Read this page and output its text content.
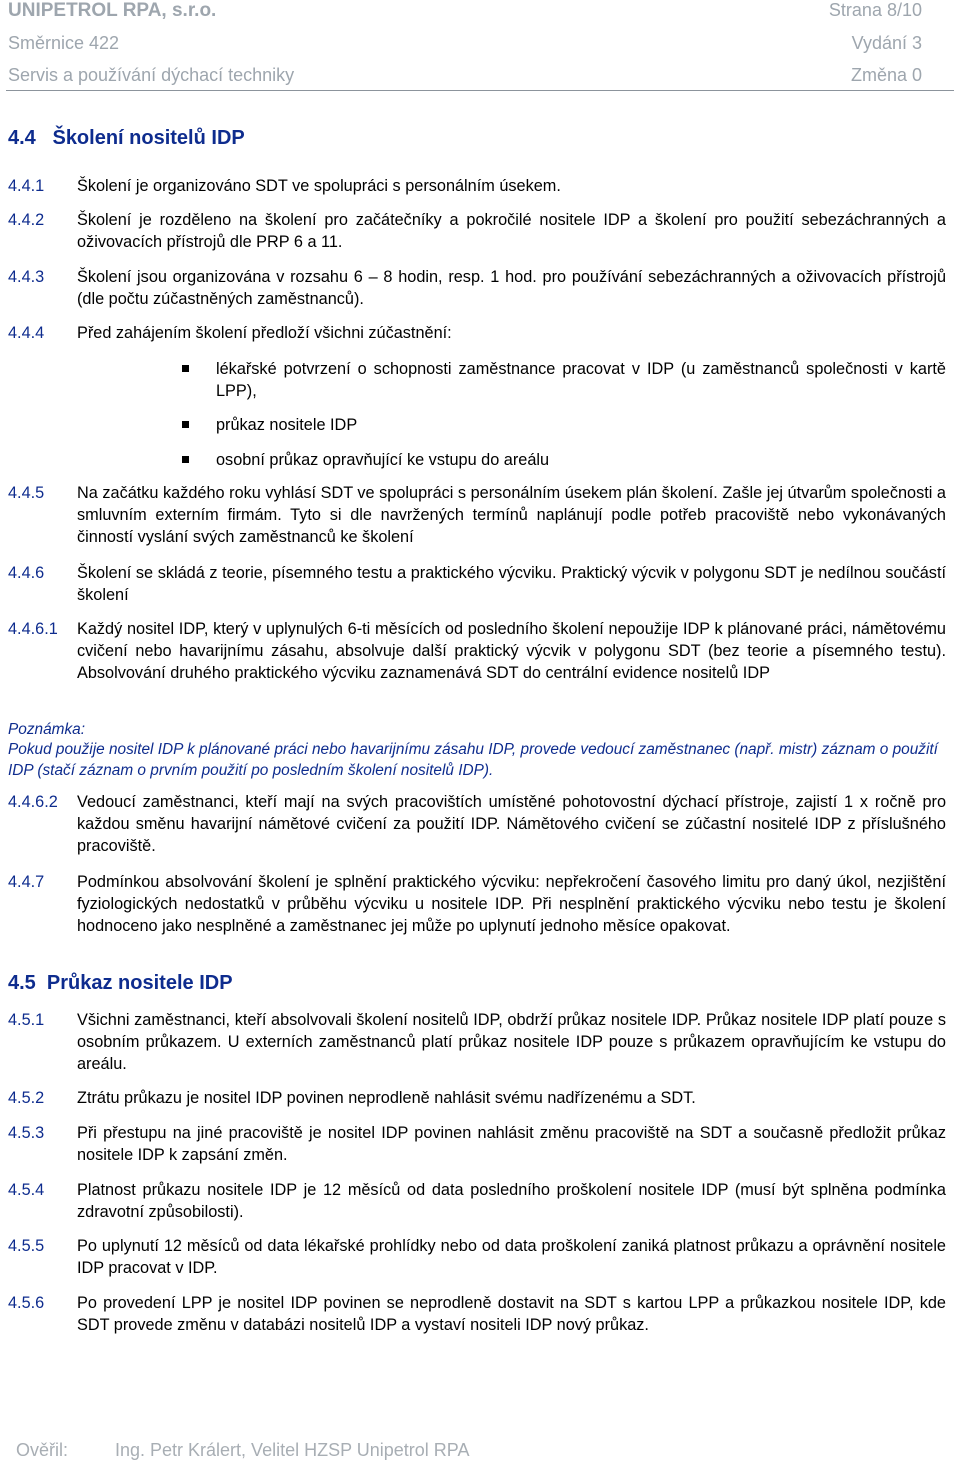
UNIPETROL RPA, s.r.o.	Strana 8/10
Směrnice 422	Vydání 3
Servis a používání dýchací techniky	Změna 0
4.4   Školení nositelů IDP
4.4.1 Školení je organizováno SDT ve spolupráci s personálním úsekem.
4.4.2 Školení je rozděleno na školení pro začátečníky a pokročilé nositele IDP a školení pro použití sebezáchranných a oživovacích přístrojů dle PRP 6 a 11.
4.4.3 Školení jsou organizována v rozsahu 6 – 8 hodin, resp. 1 hod. pro používání sebezáchranných a oživovacích přístrojů (dle počtu zúčastněných zaměstnanců).
4.4.4 Před zahájením školení předloží všichni zúčastnění:
lékařské potvrzení o schopnosti zaměstnance pracovat v IDP (u zaměstnanců společnosti v kartě LPP),
průkaz nositele IDP
osobní průkaz opravňující ke vstupu do areálu
4.4.5 Na začátku každého roku vyhlásí SDT ve spolupráci s personálním úsekem plán školení. Zašle jej útvarům společnosti a smluvním externím firmám. Tyto si dle navržených termínů naplánují podle potřeb pracoviště nebo vykonávaných činností vyslání svých zaměstnanců ke školení
4.4.6 Školení se skládá z teorie, písemného testu a praktického výcviku. Praktický výcvik v polygonu SDT je nedílnou součástí školení
4.4.6.1 Každý nositel IDP, který v uplynulých 6-ti měsících od posledního školení nepoužije IDP k plánované práci, námětovému cvičení nebo havarijnímu zásahu, absolvuje další praktický výcvik v polygonu SDT (bez teorie a písemného testu). Absolvování druhého praktického výcviku zaznamenává SDT do centrální evidence nositelů IDP
Poznámka:
Pokud použije nositel IDP k plánované práci nebo havarijnímu zásahu IDP, provede vedoucí zaměstnanec (např. mistr) záznam o použití IDP (stačí záznam o prvním použití po posledním školení nositelů IDP).
4.4.6.2 Vedoucí zaměstnanci, kteří mají na svých pracovištích umístěné pohotovostní dýchací přístroje, zajistí 1 x ročně pro každou směnu havarijní námětové cvičení za použití IDP. Námětového cvičení se zúčastní nositelé IDP z příslušného pracoviště.
4.4.7 Podmínkou absolvování školení je splnění praktického výcviku: nepřekročení časového limitu pro daný úkol, nezjištění fyziologických nedostatků v průběhu výcviku u nositele IDP. Při nesplnění praktického výcviku nebo testu je školení hodnoceno jako nesplněné a zaměstnanec jej může po uplynutí jednoho měsíce opakovat.
4.5  Průkaz nositele IDP
4.5.1 Všichni zaměstnanci, kteří absolvovali školení nositelů IDP, obdrží průkaz nositele IDP. Průkaz nositele IDP platí pouze s osobním průkazem. U externích zaměstnanců platí průkaz nositele IDP pouze s průkazem opravňujícím ke vstupu do areálu.
4.5.2 Ztrátu průkazu je nositel IDP povinen neprodleně nahlásit svému nadřízenému a SDT.
4.5.3 Při přestupu na jiné pracoviště je nositel IDP povinen nahlásit změnu pracoviště na SDT a současně předložit průkaz nositele IDP k zapsání změn.
4.5.4 Platnost průkazu nositele IDP je 12 měsíců od data posledního proškolení nositele IDP (musí být splněna podmínka zdravotní způsobilosti).
4.5.5 Po uplynutí 12 měsíců od data lékařské prohlídky nebo od data proškolení zaniká platnost průkazu a oprávnění nositele IDP pracovat v IDP.
4.5.6 Po provedení LPP je nositel IDP povinen se neprodleně dostavit na SDT s kartou LPP a průkazkou nositele IDP, kde SDT provede změnu v databázi nositelů IDP a vystaví nositeli IDP nový průkaz.
Ověřil:	Ing. Petr Králert, Velitel HZSP Unipetrol RPA
